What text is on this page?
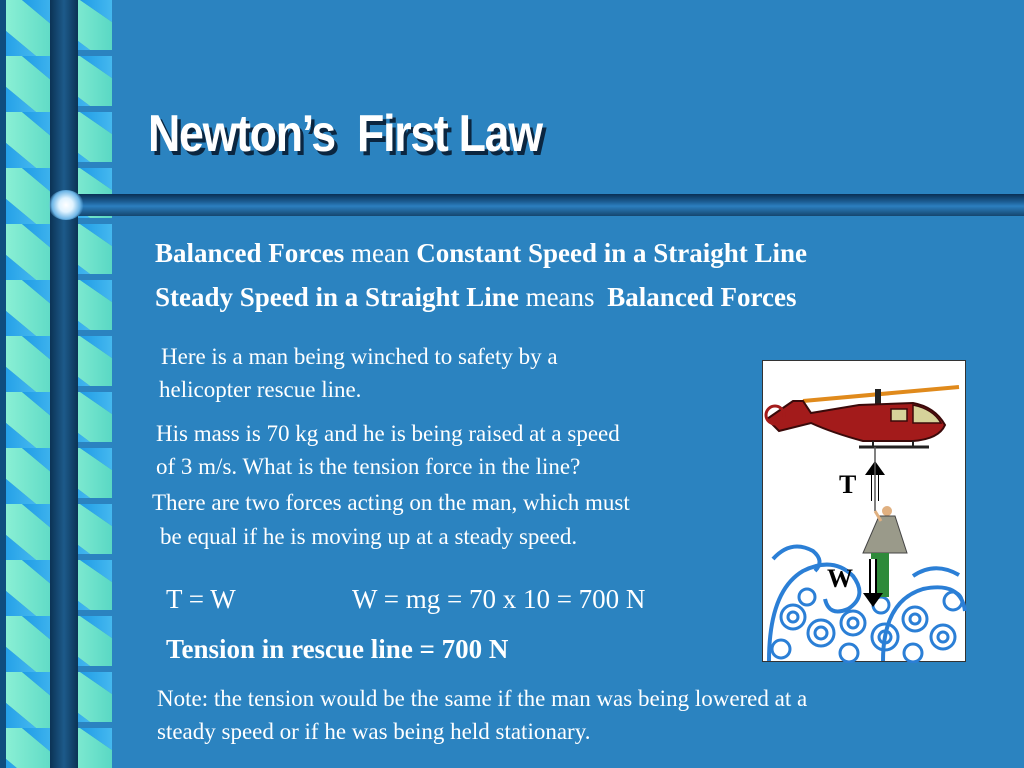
Newton’s  First Law
Balanced Forces mean Constant Speed in a Straight Line
Steady Speed in a Straight Line means Balanced Forces
Here is a man being winched to safety by a
helicopter rescue line.
His mass is 70 kg and he is being raised at a speed
of 3 m/s. What is the tension force in the line?
There are two forces acting on the man, which must
be equal if he is moving up at a steady speed.
T = W	W = mg = 70 x 10 = 700 N
Tension in rescue line = 700 N
Note: the tension would be the same if the man was being lowered at a
steady speed or if he was being held stationary.
T
W
